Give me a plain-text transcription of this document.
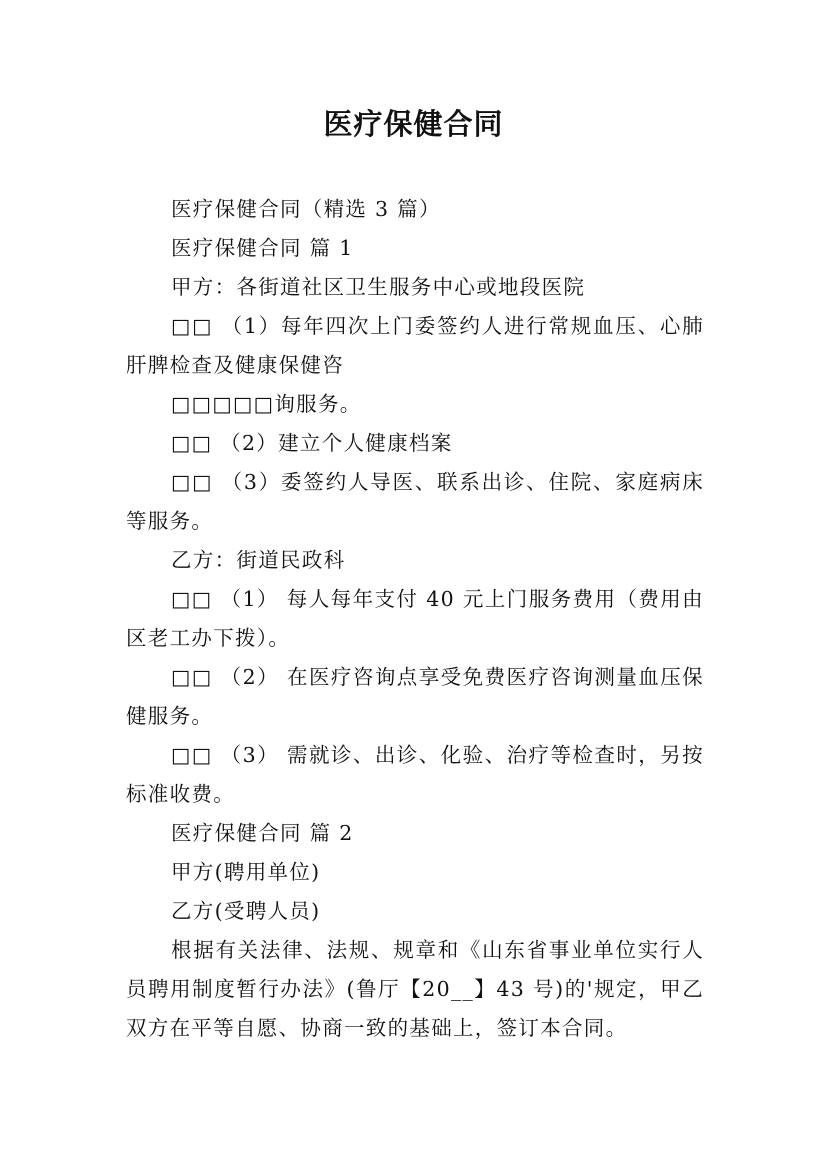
医疗保健合同

医疗保健合同（精选 3 篇）

医疗保健合同 篇 1

甲方：各街道社区卫生服务中心或地段医院

□□ （1）每年四次上门委签约人进行常规血压、心肺肝脾检查及健康保健咨

□□□□□询服务。

□□ （2）建立个人健康档案

□□ （3）委签约人导医、联系出诊、住院、家庭病床等服务。

乙方：街道民政科

□□ （1） 每人每年支付 40 元上门服务费用（费用由区老工办下拨）。

□□ （2） 在医疗咨询点享受免费医疗咨询测量血压保健服务。

□□ （3） 需就诊、出诊、化验、治疗等检查时，另按标准收费。

医疗保健合同 篇 2

甲方(聘用单位)

乙方(受聘人员)

根据有关法律、法规、规章和《山东省事业单位实行人员聘用制度暂行办法》(鲁厅【20__】43 号)的'规定，甲乙双方在平等自愿、协商一致的基础上，签订本合同。
